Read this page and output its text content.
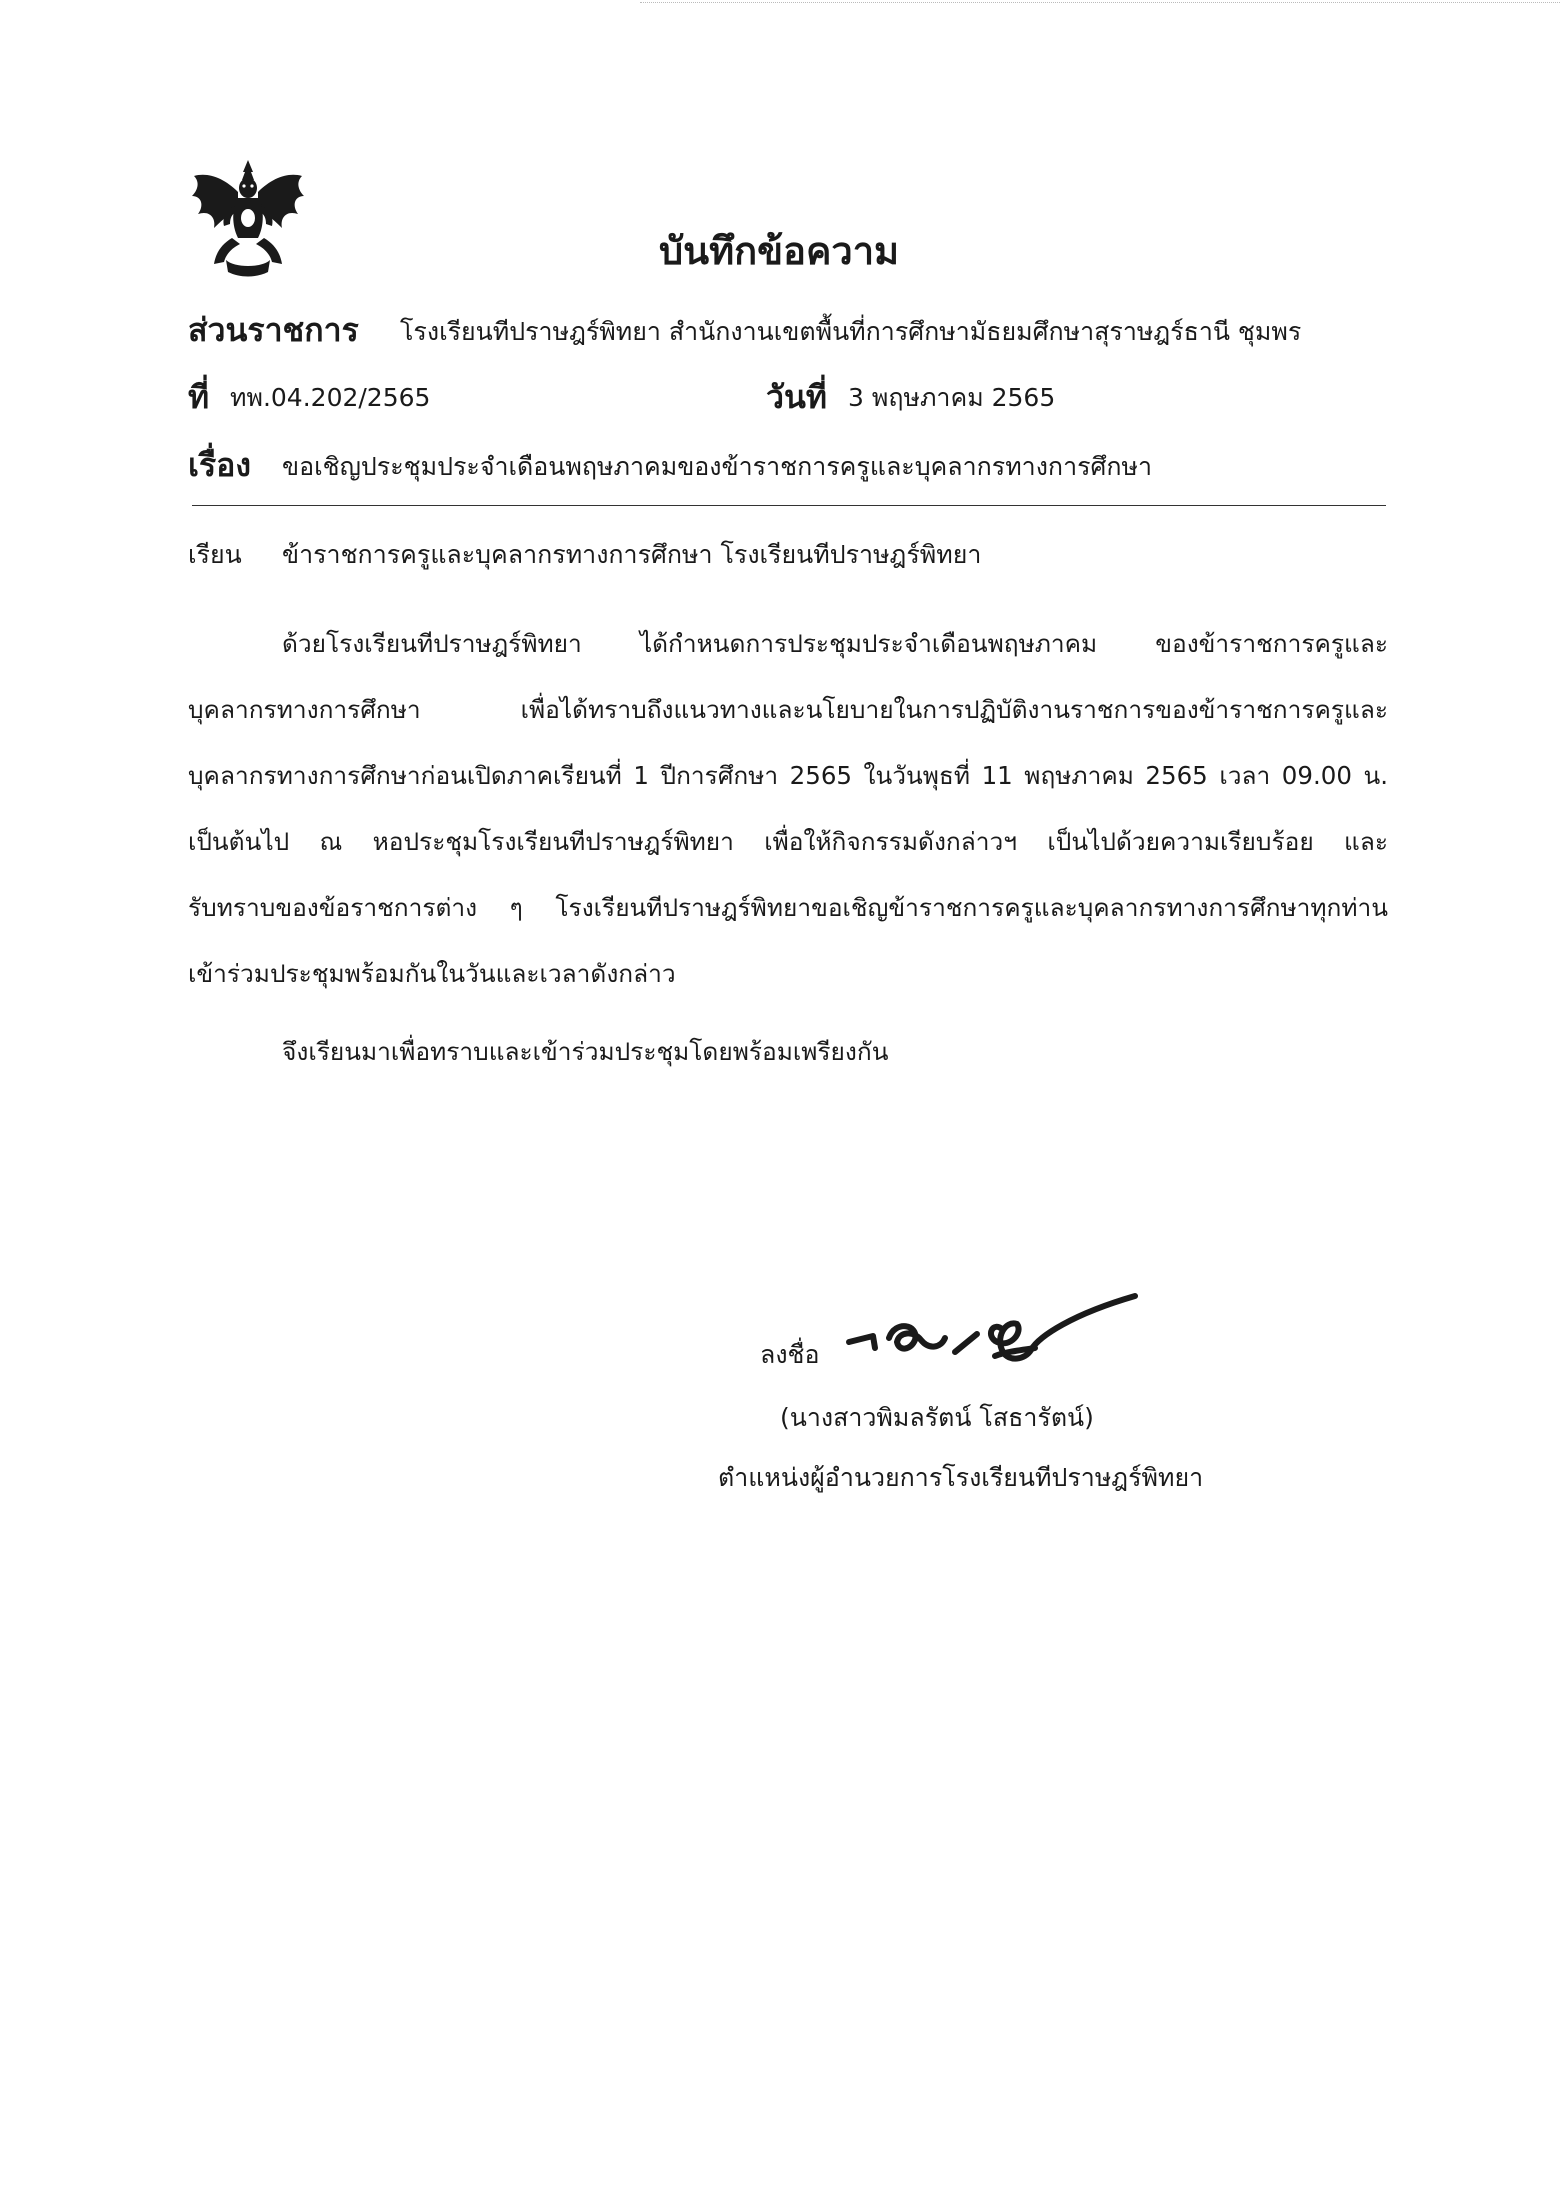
บันทึกข้อความ
ส่วนราชการ โรงเรียนทีปราษฎร์พิทยา สำนักงานเขตพื้นที่การศึกษามัธยมศึกษาสุราษฎร์ธานี ชุมพร
ที่ ทพ.04.202/2565	วันที่ 3 พฤษภาคม 2565
เรื่อง ขอเชิญประชุมประจำเดือนพฤษภาคมของข้าราชการครูและบุคลากรทางการศึกษา
เรียน ข้าราชการครูและบุคลากรทางการศึกษา โรงเรียนทีปราษฎร์พิทยา
ด้วยโรงเรียนทีปราษฎร์พิทยา ได้กำหนดการประชุมประจำเดือนพฤษภาคม ของข้าราชการครูและ
บุคลากรทางการศึกษา เพื่อได้ทราบถึงแนวทางและนโยบายในการปฏิบัติงานราชการของข้าราชการครูและ
บุคลากรทางการศึกษาก่อนเปิดภาคเรียนที่ 1 ปีการศึกษา 2565 ในวันพุธที่ 11 พฤษภาคม 2565 เวลา 09.00 น.
เป็นต้นไป ณ หอประชุมโรงเรียนทีปราษฎร์พิทยา เพื่อให้กิจกรรมดังกล่าวฯ เป็นไปด้วยความเรียบร้อย และ
รับทราบของข้อราชการต่าง ๆ โรงเรียนทีปราษฎร์พิทยาขอเชิญข้าราชการครูและบุคลากรทางการศึกษาทุกท่าน
เข้าร่วมประชุมพร้อมกันในวันและเวลาดังกล่าว
จึงเรียนมาเพื่อทราบและเข้าร่วมประชุมโดยพร้อมเพรียงกัน
ลงชื่อ
(นางสาวพิมลรัตน์ โสธารัตน์)
ตำแหน่งผู้อำนวยการโรงเรียนทีปราษฎร์พิทยา
